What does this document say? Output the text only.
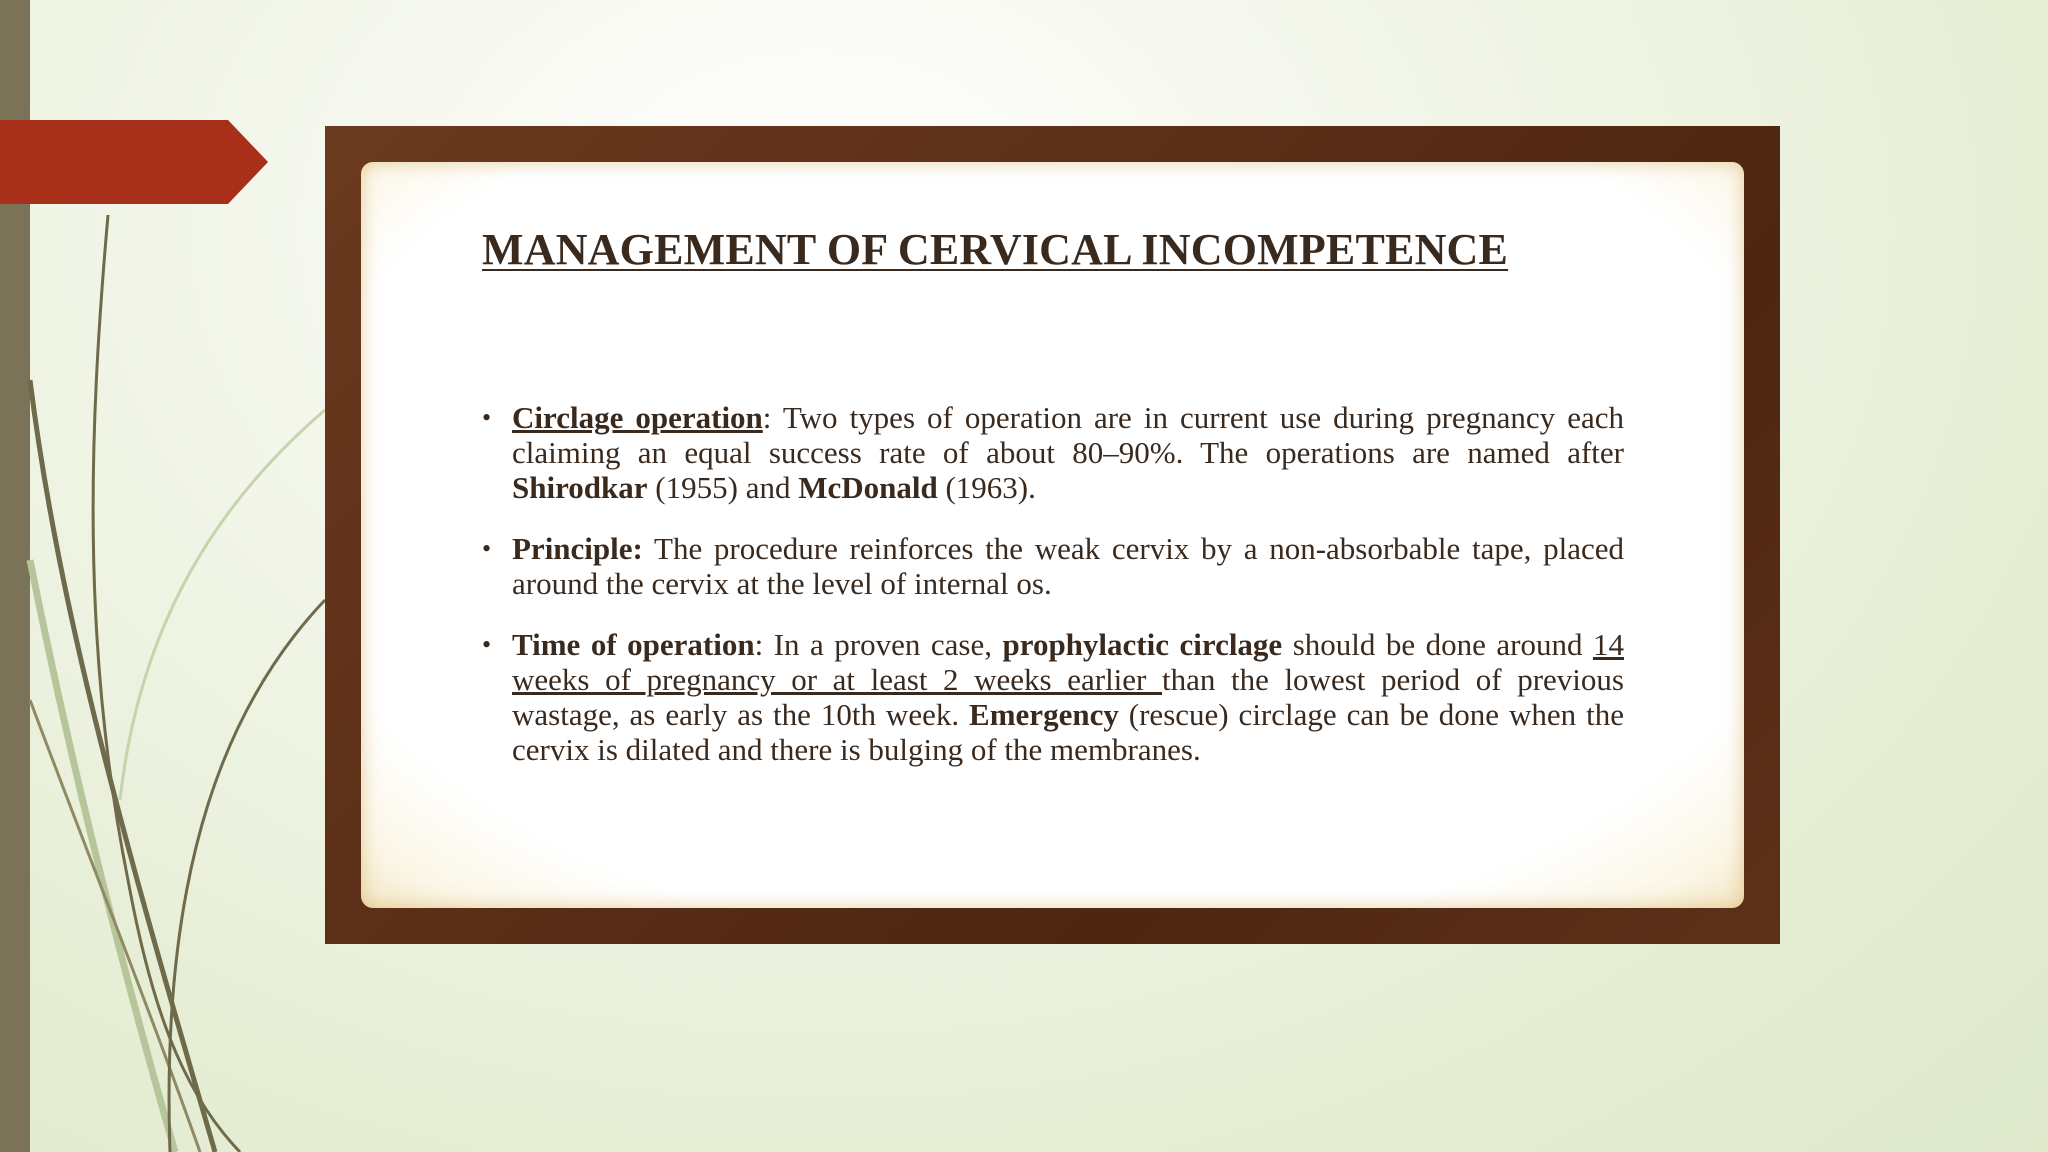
MANAGEMENT OF CERVICAL INCOMPETENCE
• Circlage operation: Two types of operation are in current use during pregnancy each claiming an equal success rate of about 80–90%. The operations are named after Shirodkar (1955) and McDonald (1963).
• Principle: The procedure reinforces the weak cervix by a non-absorbable tape, placed around the cervix at the level of internal os.
• Time of operation: In a proven case, prophylactic circlage should be done around 14 weeks of pregnancy or at least 2 weeks earlier than the lowest period of previous wastage, as early as the 10th week. Emergency (rescue) circlage can be done when the cervix is dilated and there is bulging of the membranes.
